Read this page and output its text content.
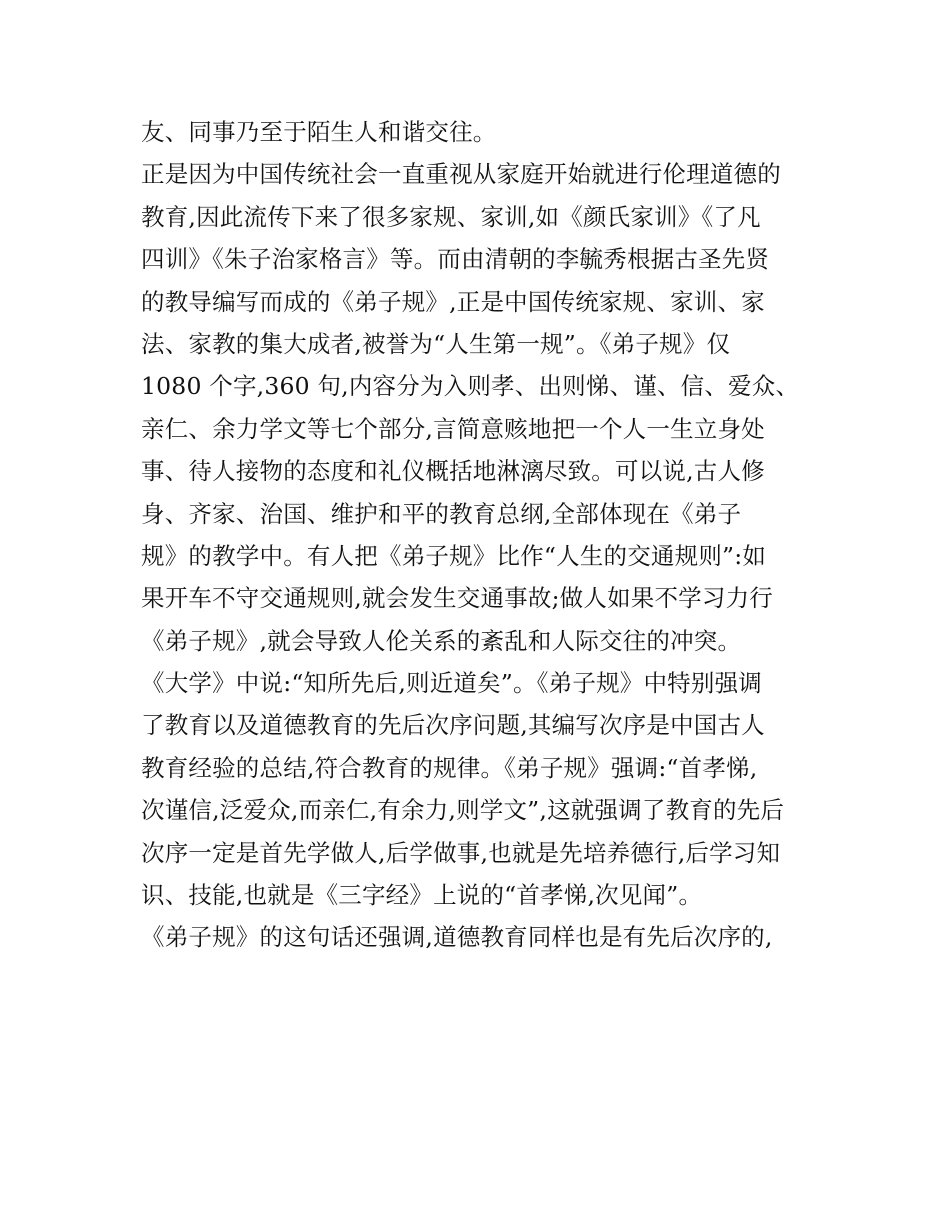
友、同事乃至于陌生人和谐交往。
正是因为中国传统社会一直重视从家庭开始就进行伦理道德的
教育,因此流传下来了很多家规、家训,如《颜氏家训》《了凡
四训》《朱子治家格言》等。而由清朝的李毓秀根据古圣先贤
的教导编写而成的《弟子规》,正是中国传统家规、家训、家
法、家教的集大成者,被誉为“人生第一规”。《弟子规》仅
1080 个字,360 句,内容分为入则孝、出则悌、谨、信、爱众、
亲仁、余力学文等七个部分,言简意赅地把一个人一生立身处
事、待人接物的态度和礼仪概括地淋漓尽致。可以说,古人修
身、齐家、治国、维护和平的教育总纲,全部体现在《弟子
规》的教学中。有人把《弟子规》比作“人生的交通规则”:如
果开车不守交通规则,就会发生交通事故;做人如果不学习力行
《弟子规》,就会导致人伦关系的紊乱和人际交往的冲突。
《大学》中说:“知所先后,则近道矣”。《弟子规》中特别强调
了教育以及道德教育的先后次序问题,其编写次序是中国古人
教育经验的总结,符合教育的规律。《弟子规》强调:“首孝悌,
次谨信,泛爱众,而亲仁,有余力,则学文”,这就强调了教育的先后
次序一定是首先学做人,后学做事,也就是先培养德行,后学习知
识、技能,也就是《三字经》上说的“首孝悌,次见闻”。
《弟子规》的这句话还强调,道德教育同样也是有先后次序的,
